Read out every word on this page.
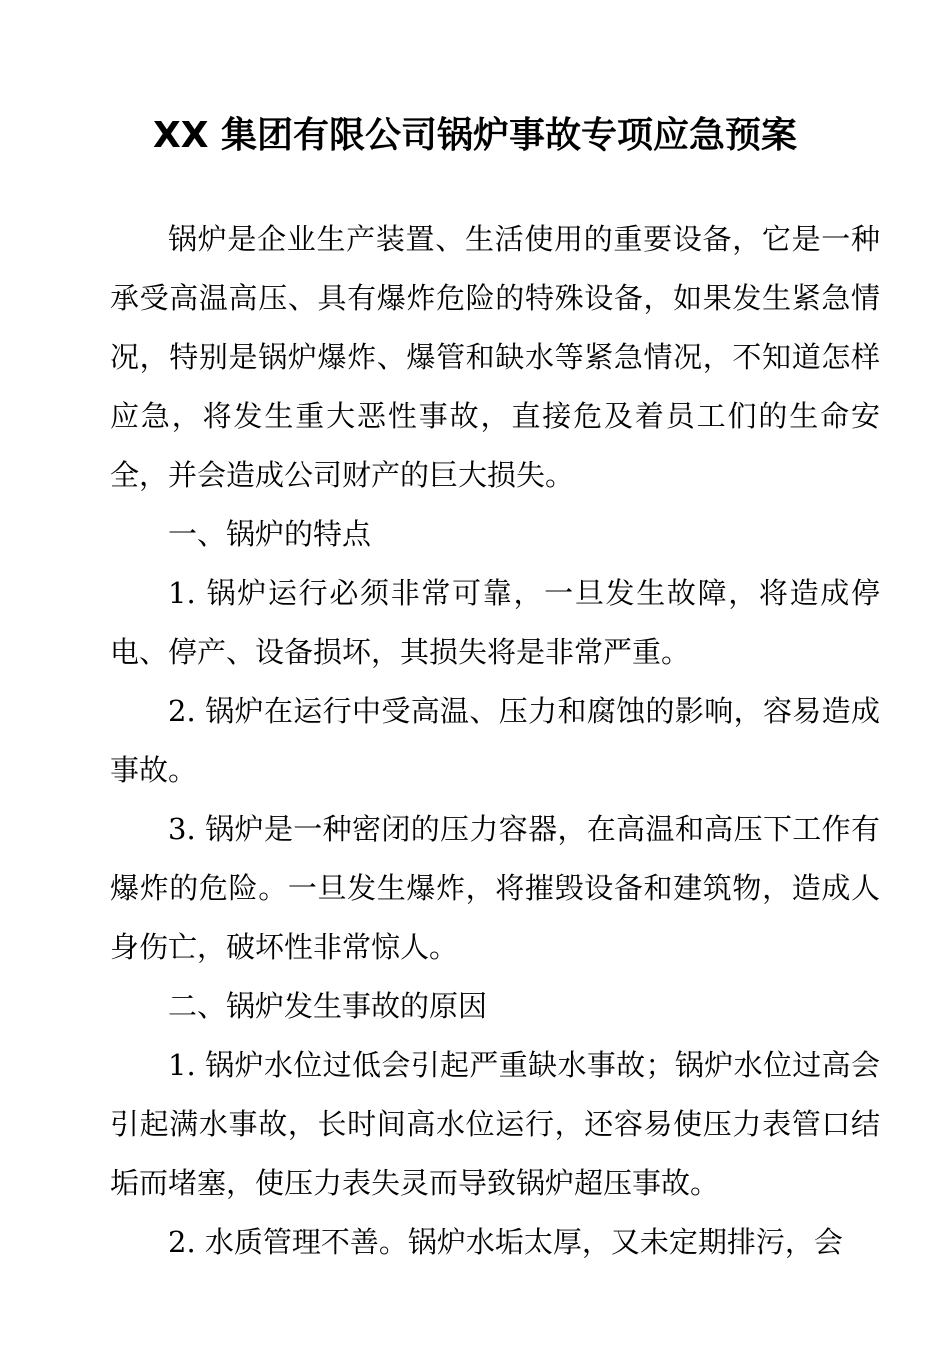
XX 集团有限公司锅炉事故专项应急预案

锅炉是企业生产装置、生活使用的重要设备，它是一种承受高温高压、具有爆炸危险的特殊设备，如果发生紧急情况，特别是锅炉爆炸、爆管和缺水等紧急情况，不知道怎样应急，将发生重大恶性事故，直接危及着员工们的生命安全，并会造成公司财产的巨大损失。

一、锅炉的特点

1. 锅炉运行必须非常可靠，一旦发生故障，将造成停电、停产、设备损坏，其损失将是非常严重。

2. 锅炉在运行中受高温、压力和腐蚀的影响，容易造成事故。

3. 锅炉是一种密闭的压力容器，在高温和高压下工作有爆炸的危险。一旦发生爆炸，将摧毁设备和建筑物，造成人身伤亡，破坏性非常惊人。

二、锅炉发生事故的原因

1. 锅炉水位过低会引起严重缺水事故；锅炉水位过高会引起满水事故，长时间高水位运行，还容易使压力表管口结垢而堵塞，使压力表失灵而导致锅炉超压事故。

2. 水质管理不善。锅炉水垢太厚，又未定期排污，会
